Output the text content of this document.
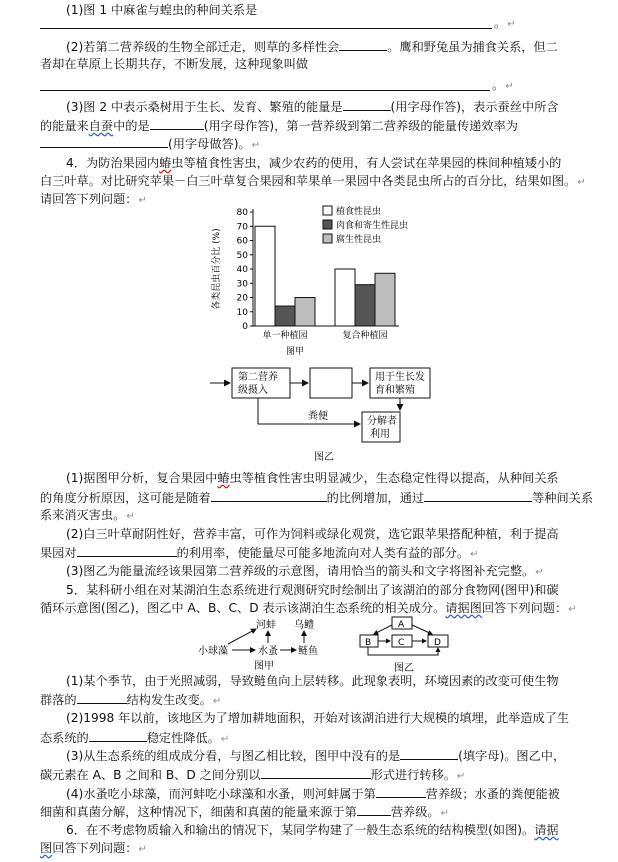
(1)图 1 中麻雀与蝗虫的种间关系是
。↵
(2)若第二营养级的生物全部迁走，则草的多样性会	。鹰和野兔虽为捕食关系，但二
者却在草原上长期共存，不断发展，这种现象叫做
。↵
(3)图 2 中表示桑树用于生长、发育、繁殖的能量是	(用字母作答)，表示蚕丝中所含
的能量来自蚕中的是	(用字母作答)，第一营养级到第二营养级的能量传递效率为
(用字母做答)。↵
4．为防治果园内蝽虫等植食性害虫，减少农药的使用，有人尝试在苹果园的株间种植矮小的
白三叶草。对比研究苹果－白三叶草复合果园和苹果单一果园中各类昆虫所占的百分比，结果如图。↵
请回答下列问题：↵
0
10
20
30
40
50
60
70
80
各类昆虫百分比 (%)
单一种植园	复合种植园
植食性昆虫
肉食和寄生性昆虫
腐生性昆虫
图甲
第二营养
级摄入
用于生长发
育和繁殖
粪便	分解者
利用
图乙
(1)据图甲分析，复合果园中蝽虫等植食性害虫明显减少，生态稳定性得以提高，从种间关系
的角度分析原因，这可能是随着	的比例增加，通过	等种间关系
系来消灭害虫。↵
(2)白三叶草耐阴性好，营养丰富，可作为饲料或绿化观赏，选它跟苹果搭配种植，利于提高
果园对	的利用率，使能量尽可能多地流向对人类有益的部分。↵
(3)图乙为能量流经该果园第二营养级的示意图，请用恰当的箭头和文字将图补充完整。↵
5．某科研小组在对某湖泊生态系统进行观测研究时绘制出了该湖泊的部分食物网(图甲)和碳
循环示意图(图乙)，图乙中 A、B、C、D 表示该湖泊生态系统的相关成分。请据图回答下列问题：↵
河蚌 乌鳢
小球藻	水蚤 鲢鱼
图甲
A
B	C	D
图乙
(1)某个季节，由于光照减弱，导致鲢鱼向上层转移。此现象表明，环境因素的改变可使生物
群落的	结构发生改变。↵
(2)1998 年以前，该地区为了增加耕地面积，开始对该湖泊进行大规模的填埋，此举造成了生
态系统的	稳定性降低。↵
(3)从生态系统的组成成分看，与图乙相比较，图甲中没有的是	(填字母)。图乙中，
碳元素在 A、B 之间和 B、D 之间分别以	形式进行转移。↵
(4)水蚤吃小球藻，而河蚌吃小球藻和水蚤，则河蚌属于第	营养级；水蚤的粪便能被
细菌和真菌分解，这种情况下，细菌和真菌的能量来源于第	营养级。↵
6．在不考虑物质输入和输出的情况下，某同学构建了一般生态系统的结构模型(如图)。请据
图回答下列问题：↵
